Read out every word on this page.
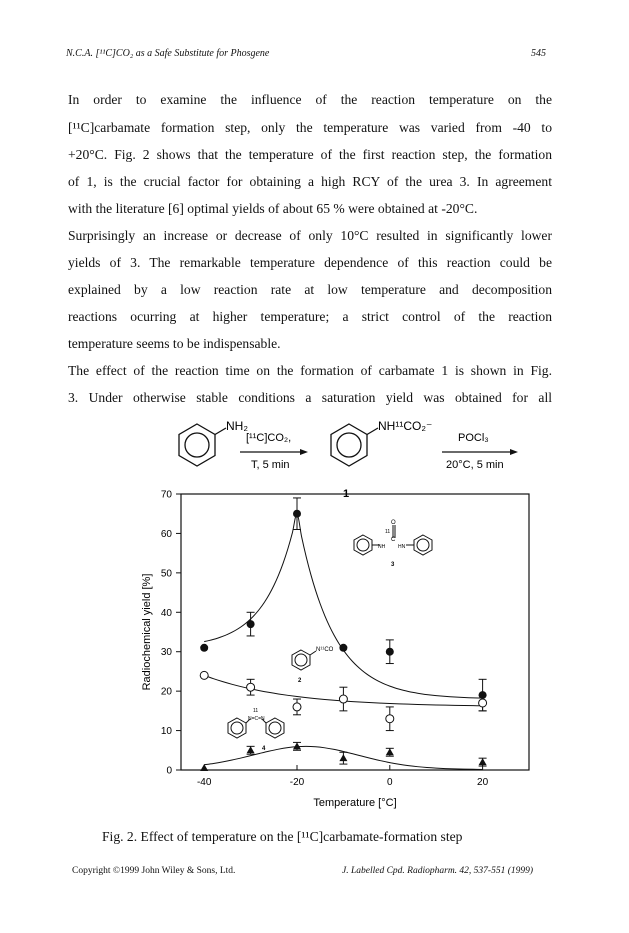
N.C.A. [¹¹C]CO₂ as a Safe Substitute for Phosgene	545
In order to examine the influence of the reaction temperature on the
[¹¹C]carbamate formation step, only the temperature was varied from -40 to
+20°C. Fig. 2 shows that the temperature of the first reaction step, the formation
of 1, is the crucial factor for obtaining a high RCY of the urea 3. In agreement
with the literature [6] optimal yields of about 65 % were obtained at -20°C.
Surprisingly an increase or decrease of only 10°C resulted in significantly lower
yields of 3. The remarkable temperature dependence of this reaction could be
explained by a low reaction rate at low temperature and decomposition
reactions ocurring at higher temperature; a strict control of the reaction
temperature seems to be indispensable.
The effect of the reaction time on the formation of carbamate 1 is shown in Fig.
3. Under otherwise stable conditions a saturation yield was obtained for all
NH₂
[¹¹C]CO₂,
T, 5 min
NH¹¹CO₂⁻
1
POCl₃
20°C, 5 min
-40	-20	0	20
0
10
20
30
40
50
60
70
Temperature [°C]
Radiochemical yield [%]
O
11
C
NH	HN
3
N¹¹CO
2
N=C=N
11
4
Fig. 2. Effect of temperature on the [¹¹C]carbamate-formation step
Copyright ©1999 John Wiley & Sons, Ltd.	J. Labelled Cpd. Radiopharm. 42, 537-551 (1999)
